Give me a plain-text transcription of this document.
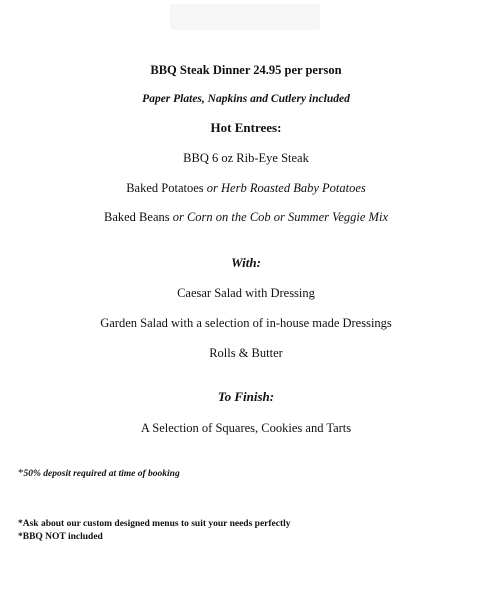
BBQ Steak Dinner 24.95 per person
Paper Plates, Napkins and Cutlery included
Hot Entrees:
BBQ 6 oz Rib-Eye Steak
Baked Potatoes or Herb Roasted Baby Potatoes
Baked Beans or Corn on the Cob or Summer Veggie Mix
With:
Caesar Salad with Dressing
Garden Salad with a selection of in-house made Dressings
Rolls & Butter
To Finish:
A Selection of Squares, Cookies and Tarts
*50% deposit required at time of booking
*Ask about our custom designed menus to suit your needs perfectly
*BBQ NOT included
